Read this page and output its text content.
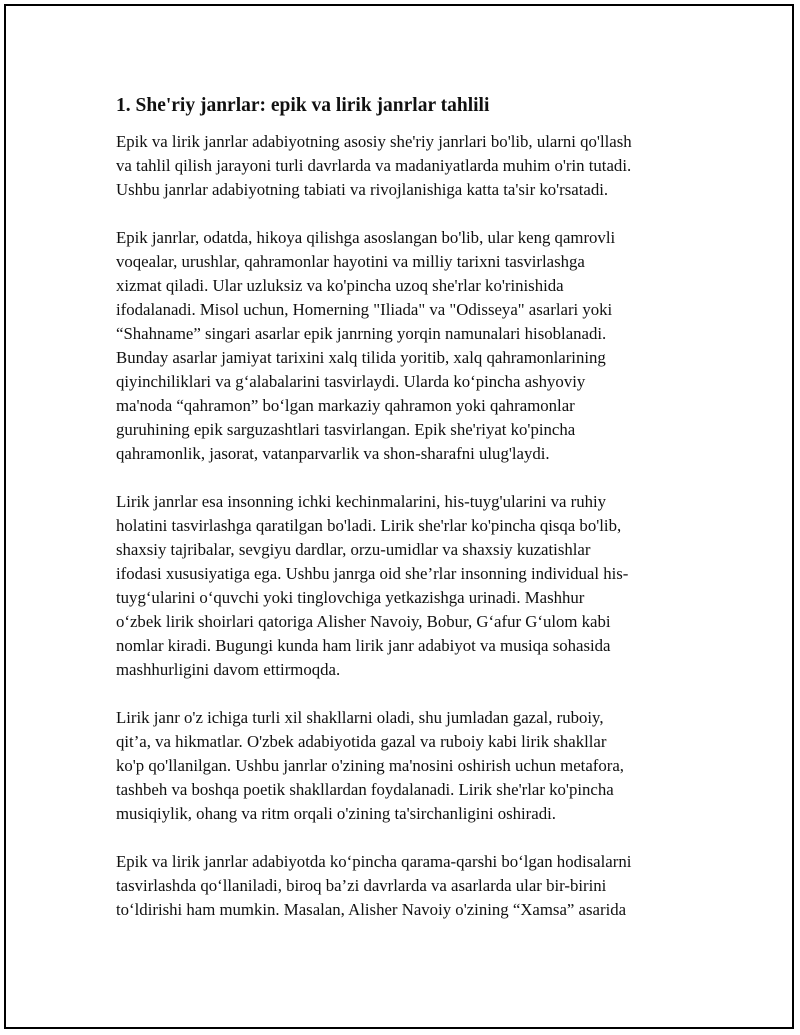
1. She'riy janrlar: epik va lirik janrlar tahlili

Epik va lirik janrlar adabiyotning asosiy she'riy janrlari bo'lib, ularni qo'llash
va tahlil qilish jarayoni turli davrlarda va madaniyatlarda muhim o'rin tutadi.
Ushbu janrlar adabiyotning tabiati va rivojlanishiga katta ta'sir ko'rsatadi.

Epik janrlar, odatda, hikoya qilishga asoslangan bo'lib, ular keng qamrovli
voqealar, urushlar, qahramonlar hayotini va milliy tarixni tasvirlashga
xizmat qiladi. Ular uzluksiz va ko'pincha uzoq she'rlar ko'rinishida
ifodalanadi. Misol uchun, Homerning "Iliada" va "Odisseya" asarlari yoki
“Shahname” singari asarlar epik janrning yorqin namunalari hisoblanadi.
Bunday asarlar jamiyat tarixini xalq tilida yoritib, xalq qahramonlarining
qiyinchiliklari va gʻalabalarini tasvirlaydi. Ularda koʻpincha ashyoviy
ma'noda “qahramon” boʻlgan markaziy qahramon yoki qahramonlar
guruhining epik sarguzashtlari tasvirlangan. Epik she'riyat ko'pincha
qahramonlik, jasorat, vatanparvarlik va shon-sharafni ulug'laydi.

Lirik janrlar esa insonning ichki kechinmalarini, his-tuyg'ularini va ruhiy
holatini tasvirlashga qaratilgan bo'ladi. Lirik she'rlar ko'pincha qisqa bo'lib,
shaxsiy tajribalar, sevgiyu dardlar, orzu-umidlar va shaxsiy kuzatishlar
ifodasi xususiyatiga ega. Ushbu janrga oid she’rlar insonning individual his-
tuygʻularini oʻquvchi yoki tinglovchiga yetkazishga urinadi. Mashhur
oʻzbek lirik shoirlari qatoriga Alisher Navoiy, Bobur, Gʻafur Gʻulom kabi
nomlar kiradi. Bugungi kunda ham lirik janr adabiyot va musiqa sohasida
mashhurligini davom ettirmoqda.

Lirik janr o'z ichiga turli xil shakllarni oladi, shu jumladan gazal, ruboiy,
qit’a, va hikmatlar. O'zbek adabiyotida gazal va ruboiy kabi lirik shakllar
ko'p qo'llanilgan. Ushbu janrlar o'zining ma'nosini oshirish uchun metafora,
tashbeh va boshqa poetik shakllardan foydalanadi. Lirik she'rlar ko'pincha
musiqiylik, ohang va ritm orqali o'zining ta'sirchanligini oshiradi.

Epik va lirik janrlar adabiyotda koʻpincha qarama-qarshi boʻlgan hodisalarni
tasvirlashda qoʻllaniladi, biroq ba’zi davrlarda va asarlarda ular bir-birini
toʻldirishi ham mumkin. Masalan, Alisher Navoiy o'zining “Xamsa” asarida
